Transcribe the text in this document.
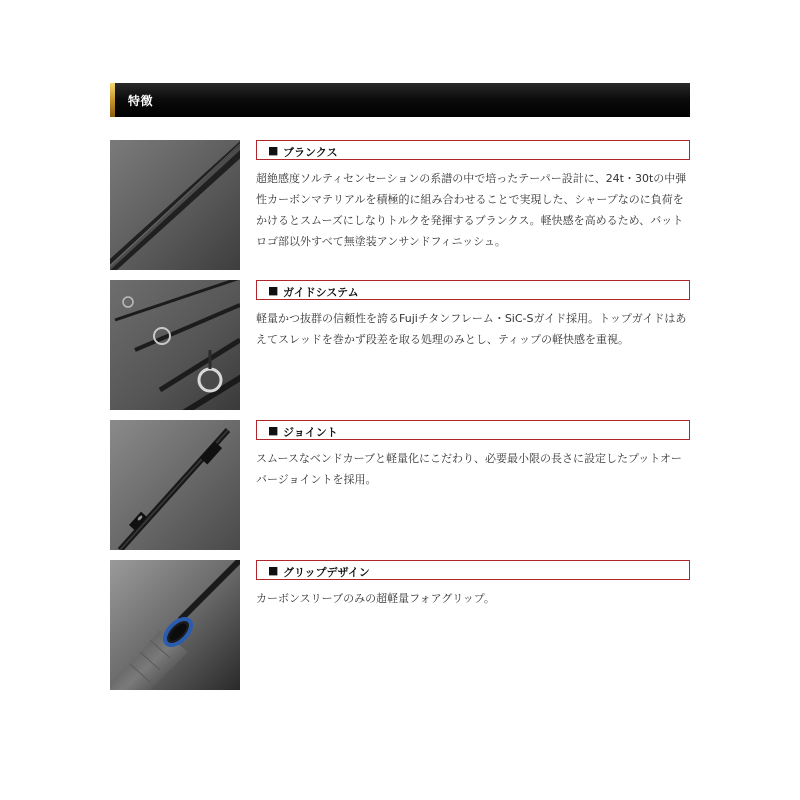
特徴
■ ブランクス
超絶感度ソルティセンセーションの系譜の中で培ったテーパー設計に、24t・30tの中弾性カーボンマテリアルを積極的に組み合わせることで実現した、シャープなのに負荷をかけるとスムーズにしなりトルクを発揮するブランクス。軽快感を高めるため、バットロゴ部以外すべて無塗装アンサンドフィニッシュ。
■ ガイドシステム
軽量かつ抜群の信頼性を誇るFujiチタンフレーム・SiC-Sガイド採用。トップガイドはあえてスレッドを巻かず段差を取る処理のみとし、ティップの軽快感を重視。
■ ジョイント
スムースなベンドカーブと軽量化にこだわり、必要最小限の長さに設定したプットオーバージョイントを採用。
■ グリップデザイン
カーボンスリーブのみの超軽量フォアグリップ。
